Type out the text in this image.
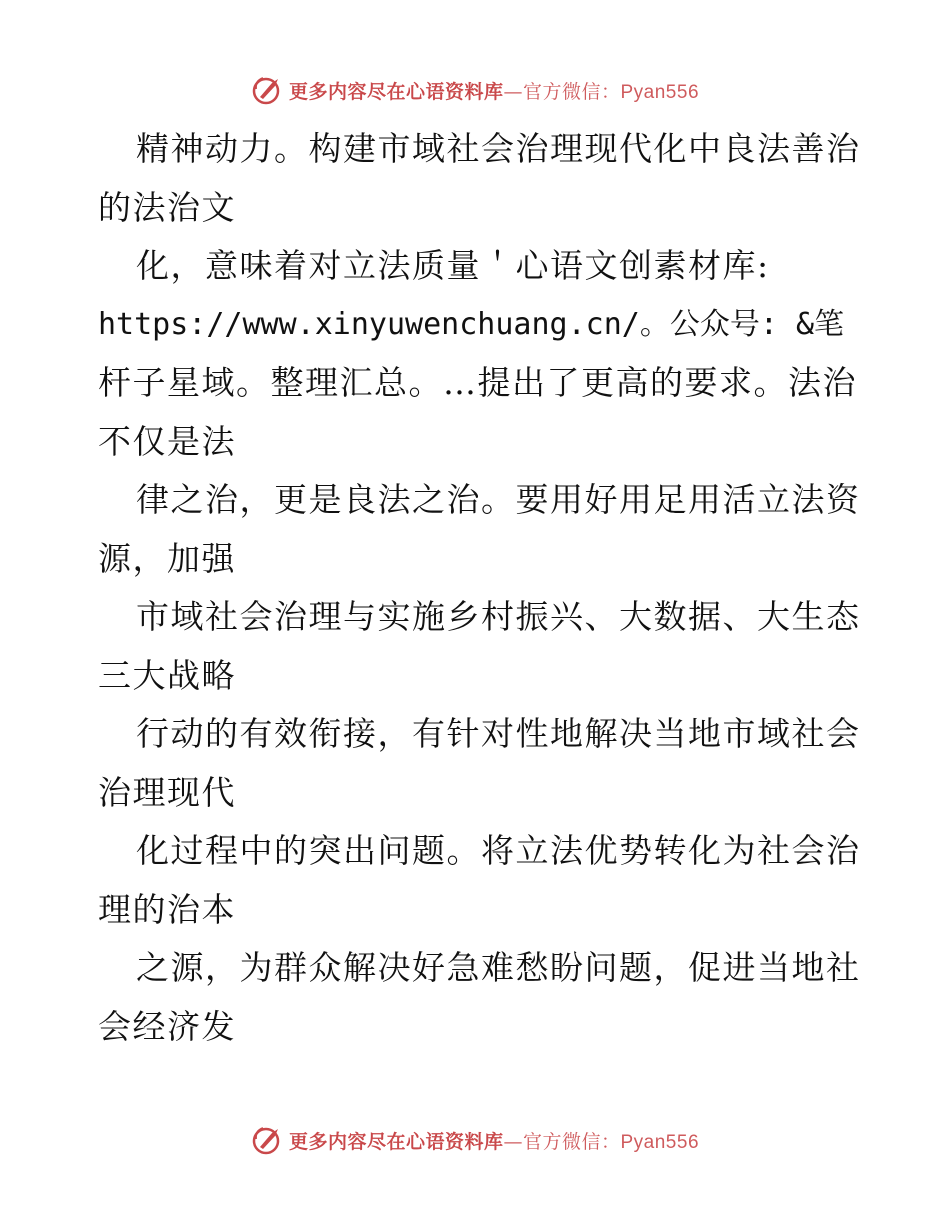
更多内容尽在心语资料库—官方微信：Pyan556
精神动力。构建市域社会治理现代化中良法善治
的法治文
化，意味着对立法质量＇心语文创素材库:
https://www.xinyuwenchuang.cn/。公众号: &笔
杆子星域。整理汇总。…提出了更高的要求。法治
不仅是法
律之治，更是良法之治。要用好用足用活立法资
源，加强
市域社会治理与实施乡村振兴、大数据、大生态
三大战略
行动的有效衔接，有针对性地解决当地市域社会
治理现代
化过程中的突出问题。将立法优势转化为社会治
理的治本
之源，为群众解决好急难愁盼问题，促进当地社
会经济发
更多内容尽在心语资料库—官方微信：Pyan556
